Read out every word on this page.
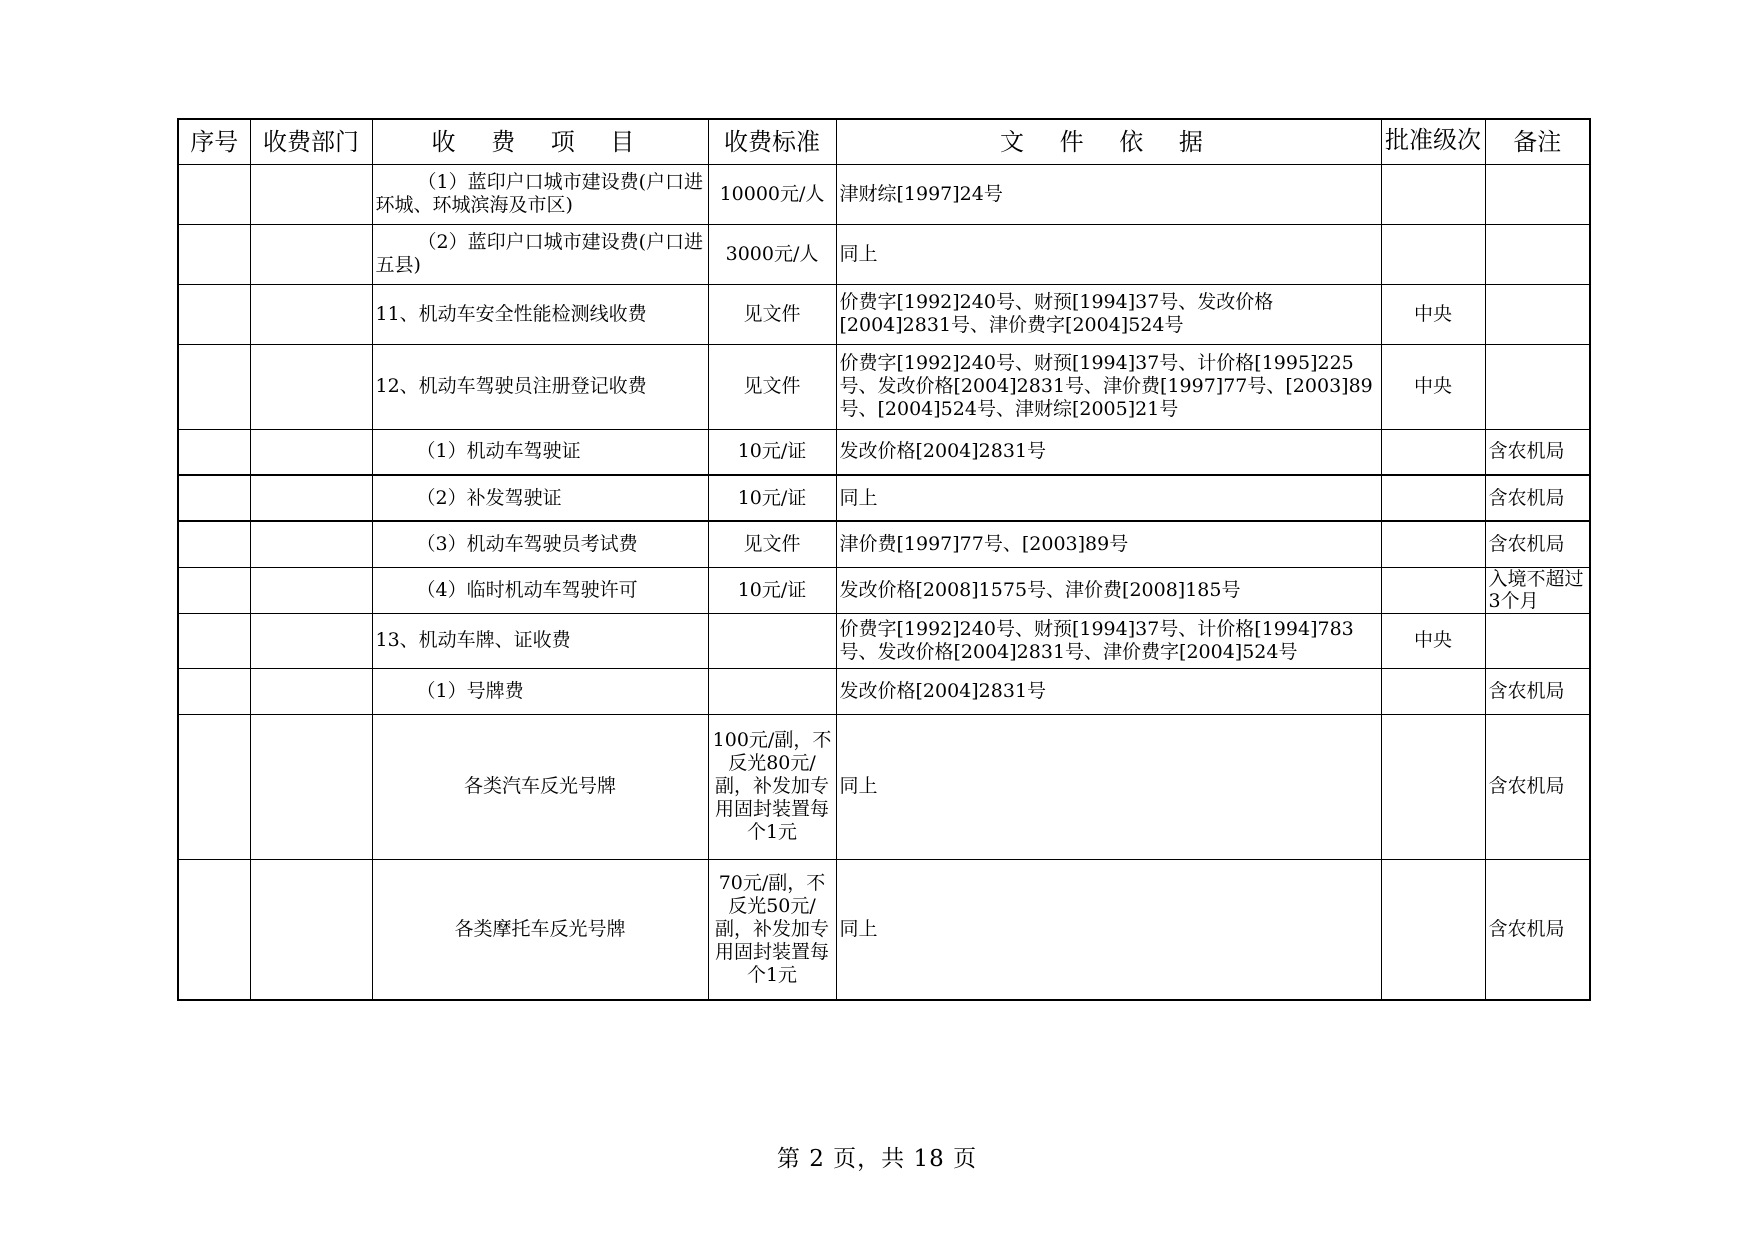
序号	收费部门	收 费 项 目	收费标准	文 件 依 据	批准级次	备注
		（1）蓝印户口城市建设费(户口进环城、环城滨海及市区)	10000元/人	津财综[1997]24号		
		（2）蓝印户口城市建设费(户口进五县)	3000元/人	同上		
		11、机动车安全性能检测线收费	见文件	价费字[1992]240号、财预[1994]37号、发改价格[2004]2831号、津价费字[2004]524号	中央	
		12、机动车驾驶员注册登记收费	见文件	价费字[1992]240号、财预[1994]37号、计价格[1995]225号、发改价格[2004]2831号、津价费[1997]77号、[2003]89号、[2004]524号、津财综[2005]21号	中央	
		（1）机动车驾驶证	10元/证	发改价格[2004]2831号		含农机局
		（2）补发驾驶证	10元/证	同上		含农机局
		（3）机动车驾驶员考试费	见文件	津价费[1997]77号、[2003]89号		含农机局
		（4）临时机动车驾驶许可	10元/证	发改价格[2008]1575号、津价费[2008]185号		入境不超过3个月

		13、机动车牌、证收费		价费字[1992]240号、财预[1994]37号、计价格[1994]783号、发改价格[2004]2831号、津价费字[2004]524号	中央	
		（1）号牌费		发改价格[2004]2831号		含农机局
		各类汽车反光号牌	100元/副，不反光80元/副，补发加专用固封装置每个1元	同上		含农机局
		各类摩托车反光号牌	70元/副，不反光50元/副，补发加专用固封装置每个1元	同上		含农机局
第 2 页，共 18 页
